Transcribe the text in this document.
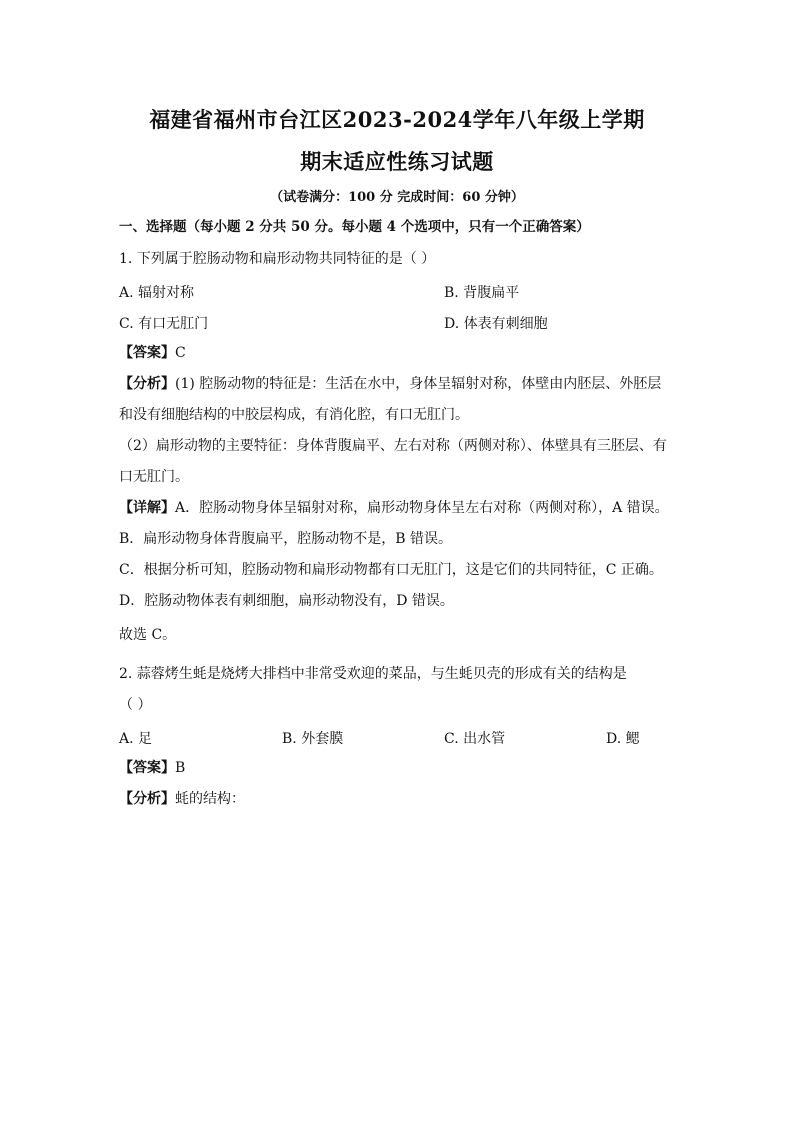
福建省福州市台江区2023-2024学年八年级上学期
期末适应性练习试题
（试卷满分：100 分 完成时间：60 分钟）
一、选择题（每小题 2 分共 50 分。每小题 4 个选项中，只有一个正确答案）
1. 下列属于腔肠动物和扁形动物共同特征的是（ ）
A. 辐射对称	B. 背腹扁平
C. 有口无肛门	D. 体表有刺细胞
【答案】C
【分析】(1) 腔肠动物的特征是：生活在水中，身体呈辐射对称，体壁由内胚层、外胚层
和没有细胞结构的中胶层构成，有消化腔，有口无肛门。
（2）扁形动物的主要特征：身体背腹扁平、左右对称（两侧对称）、体壁具有三胚层、有
口无肛门。
【详解】A．腔肠动物身体呈辐射对称，扁形动物身体呈左右对称（两侧对称），A 错误。
B．扁形动物身体背腹扁平，腔肠动物不是，B 错误。
C．根据分析可知，腔肠动物和扁形动物都有口无肛门，这是它们的共同特征，C 正确。
D．腔肠动物体表有刺细胞，扁形动物没有，D 错误。
故选 C。
2. 蒜蓉烤生蚝是烧烤大排档中非常受欢迎的菜品，与生蚝贝壳的形成有关的结构是
（ ）
A. 足	B. 外套膜	C. 出水管	D. 鳃
【答案】B
【分析】蚝的结构：
